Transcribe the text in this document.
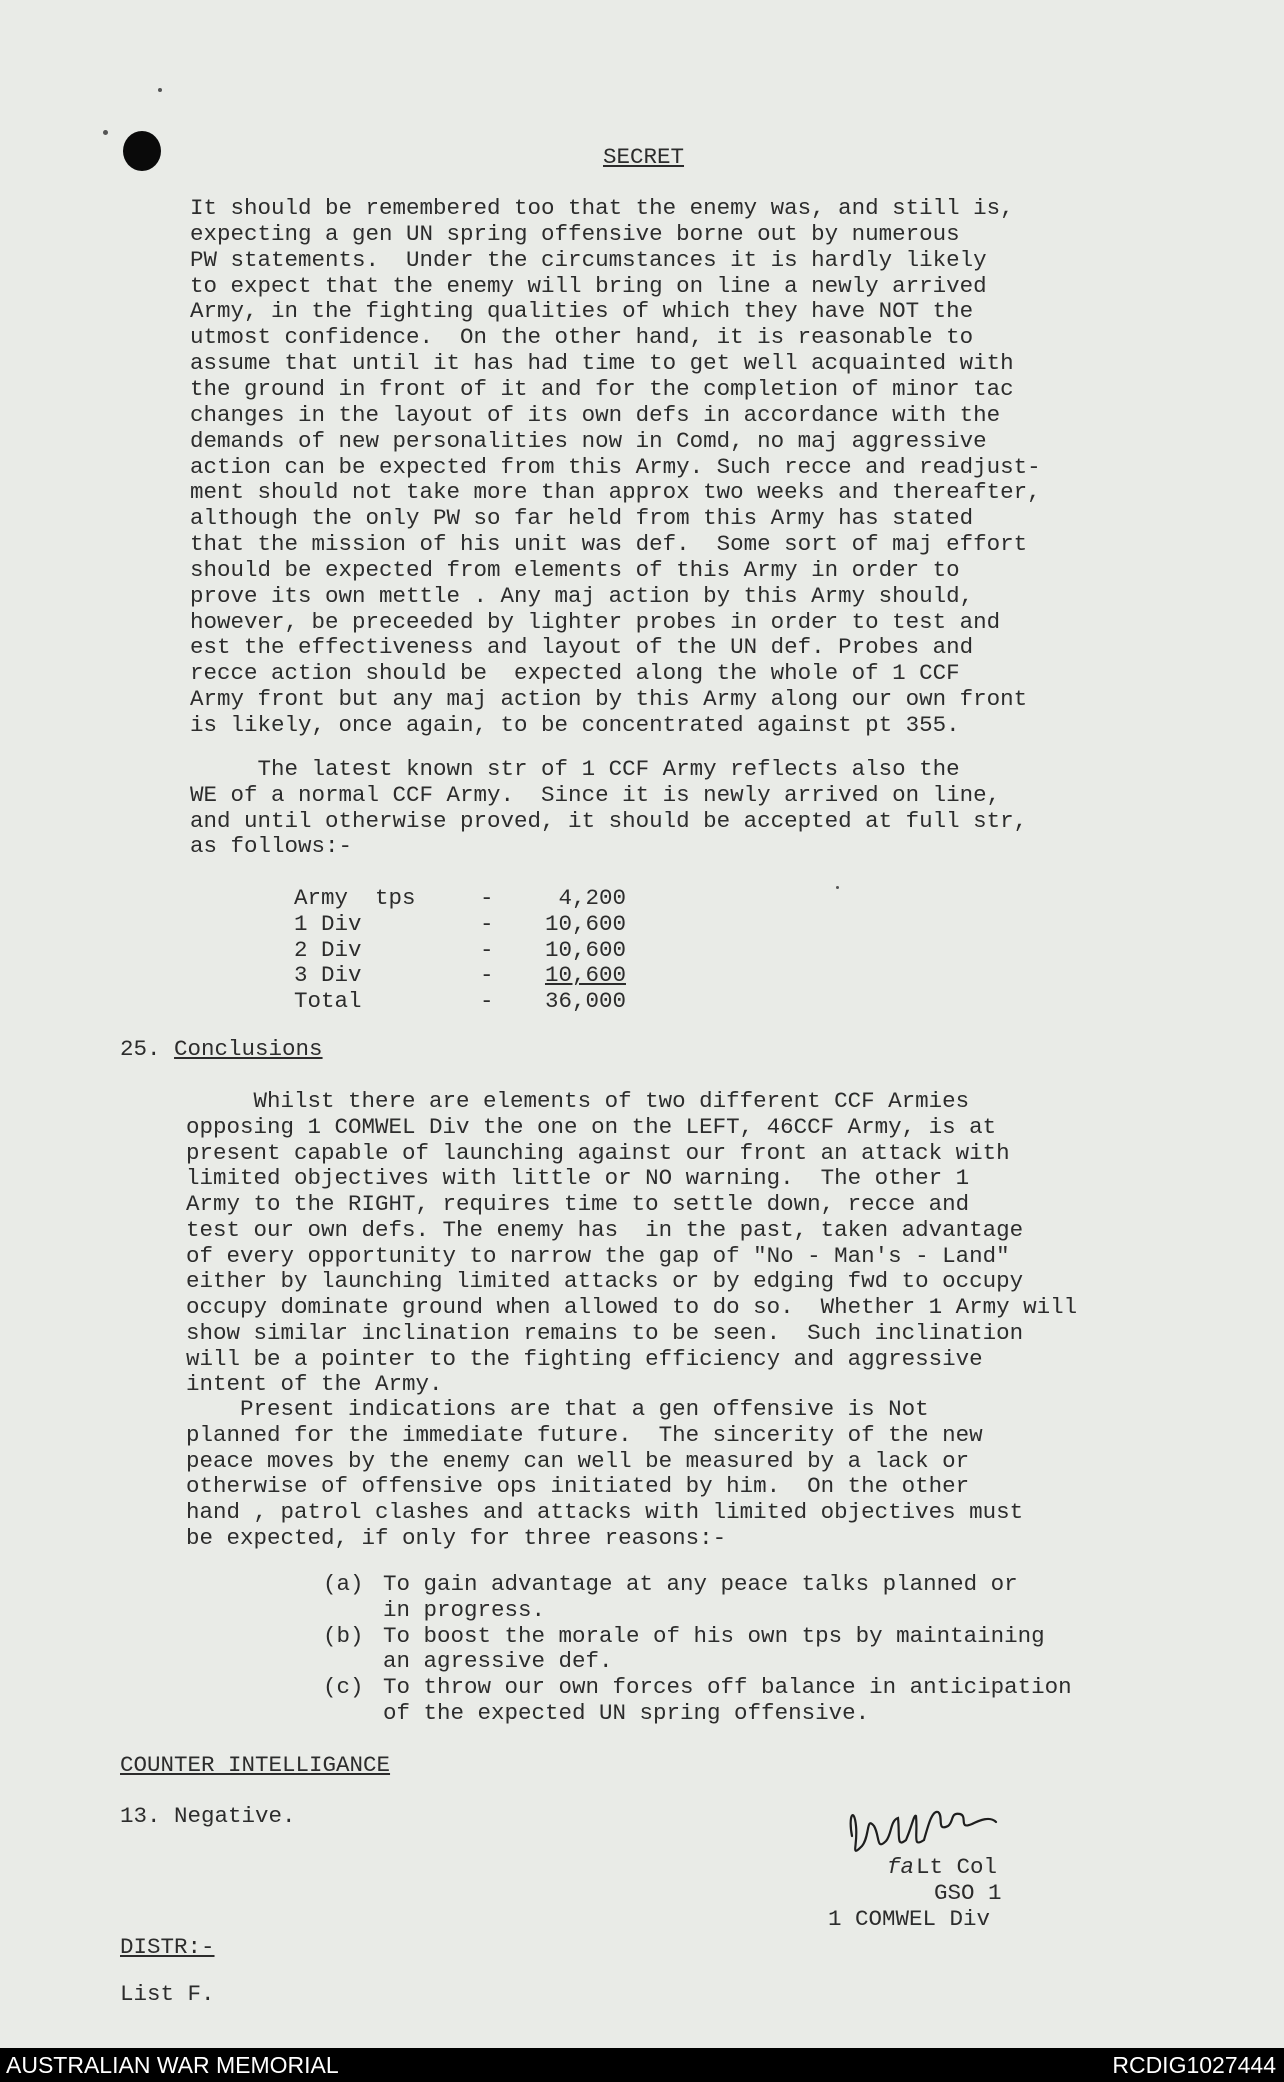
SECRET
It should be remembered too that the enemy was, and still is,
expecting a gen UN spring offensive borne out by numerous
PW statements.  Under the circumstances it is hardly likely
to expect that the enemy will bring on line a newly arrived
Army, in the fighting qualities of which they have NOT the
utmost confidence.  On the other hand, it is reasonable to
assume that until it has had time to get well acquainted with
the ground in front of it and for the completion of minor tac
changes in the layout of its own defs in accordance with the
demands of new personalities now in Comd, no maj aggressive
action can be expected from this Army. Such recce and readjust-
ment should not take more than approx two weeks and thereafter,
although the only PW so far held from this Army has stated
that the mission of his unit was def.  Some sort of maj effort
should be expected from elements of this Army in order to
prove its own mettle . Any maj action by this Army should,
however, be preceeded by lighter probes in order to test and
est the effectiveness and layout of the UN def. Probes and
recce action should be  expected along the whole of 1 CCF
Army front but any maj action by this Army along our own front
is likely, once again, to be concentrated against pt 355.
The latest known str of 1 CCF Army reflects also the
WE of a normal CCF Army.  Since it is newly arrived on line,
and until otherwise proved, it should be accepted at full str,
as follows:-
Army  tps	-	4,200
1 Div	-	10,600
2 Div	-	10,600
3 Div	-	10,600
Total	-	36,000
25. Conclusions
Whilst there are elements of two different CCF Armies
opposing 1 COMWEL Div the one on the LEFT, 46CCF Army, is at
present capable of launching against our front an attack with
limited objectives with little or NO warning.  The other 1
Army to the RIGHT, requires time to settle down, recce and
test our own defs. The enemy has  in the past, taken advantage
of every opportunity to narrow the gap of "No - Man's - Land"
either by launching limited attacks or by edging fwd to occupy
occupy dominate ground when allowed to do so.  Whether 1 Army will
show similar inclination remains to be seen.  Such inclination
will be a pointer to the fighting efficiency and aggressive
intent of the Army.
Present indications are that a gen offensive is Not
planned for the immediate future.  The sincerity of the new
peace moves by the enemy can well be measured by a lack or
otherwise of offensive ops initiated by him.  On the other
hand , patrol clashes and attacks with limited objectives must
be expected, if only for three reasons:-
(a) To gain advantage at any peace talks planned or
in progress.
(b) To boost the morale of his own tps by maintaining
an agressive def.
(c) To throw our own forces off balance in anticipation
of the expected UN spring offensive.
COUNTER INTELLIGANCE
13. Negative.
fa Lt Col
GSO 1
1 COMWEL Div
DISTR:-
List F.
AUSTRALIAN WAR MEMORIAL	RCDIG1027444
